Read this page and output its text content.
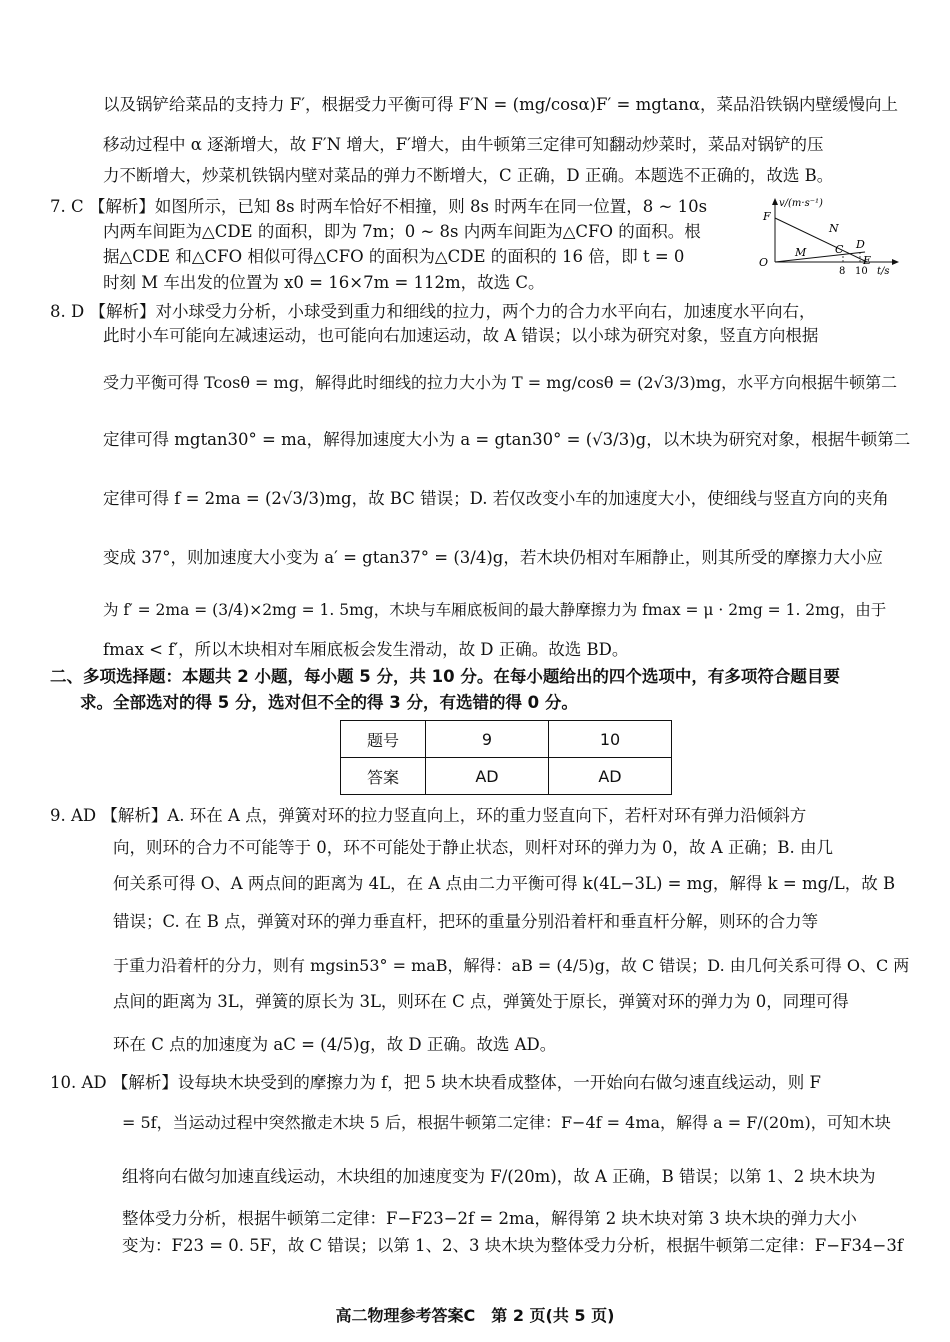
以及锅铲给菜品的支持力 F′，根据受力平衡可得 F′N = (mg/cosα)F′ = mgtanα，菜品沿铁锅内壁缓慢向上
移动过程中 α 逐渐增大，故 F′N 增大，F′增大，由牛顿第三定律可知翻动炒菜时，菜品对锅铲的压
力不断增大，炒菜机铁锅内壁对菜品的弹力不断增大，C 正确，D 正确。本题选不正确的，故选 B。
7. C 【解析】如图所示，已知 8s 时两车恰好不相撞，则 8s 时两车在同一位置，8 ~ 10s
内两车间距为△CDE 的面积，即为 7m；0 ~ 8s 内两车间距为△CFO 的面积。根
据△CDE 和△CFO 相似可得△CFO 的面积为△CDE 的面积的 16 倍，即 t = 0
时刻 M 车出发的位置为 x0 = 16×7m = 112m，故选 C。
v/(m·s⁻¹)
F
N
C D
M
E
O
8 10 t/s
8. D 【解析】对小球受力分析，小球受到重力和细线的拉力，两个力的合力水平向右，加速度水平向右，
此时小车可能向左减速运动，也可能向右加速运动，故 A 错误；以小球为研究对象，竖直方向根据
受力平衡可得 Tcosθ = mg，解得此时细线的拉力大小为 T = mg/cosθ = (2√3/3)mg，水平方向根据牛顿第二
定律可得 mgtan30° = ma，解得加速度大小为 a = gtan30° = (√3/3)g，以木块为研究对象，根据牛顿第二
定律可得 f = 2ma = (2√3/3)mg，故 BC 错误；D. 若仅改变小车的加速度大小，使细线与竖直方向的夹角
变成 37°，则加速度大小变为 a′ = gtan37° = (3/4)g，若木块仍相对车厢静止，则其所受的摩擦力大小应
为 f′ = 2ma = (3/4)×2mg = 1. 5mg，木块与车厢底板间的最大静摩擦力为 fmax = μ · 2mg = 1. 2mg，由于
fmax < f′，所以木块相对车厢底板会发生滑动，故 D 正确。故选 BD。
二、多项选择题：本题共 2 小题，每小题 5 分，共 10 分。在每小题给出的四个选项中，有多项符合题目要
求。全部选对的得 5 分，选对但不全的得 3 分，有选错的得 0 分。
题号	9	10
答案	AD	AD
9. AD 【解析】A. 环在 A 点，弹簧对环的拉力竖直向上，环的重力竖直向下，若杆对环有弹力沿倾斜方
向，则环的合力不可能等于 0，环不可能处于静止状态，则杆对环的弹力为 0，故 A 正确；B. 由几
何关系可得 O、A 两点间的距离为 4L，在 A 点由二力平衡可得 k(4L−3L) = mg，解得 k = mg/L，故 B
错误；C. 在 B 点，弹簧对环的弹力垂直杆，把环的重量分别沿着杆和垂直杆分解，则环的合力等
于重力沿着杆的分力，则有 mgsin53° = maB，解得：aB = (4/5)g，故 C 错误；D. 由几何关系可得 O、C 两
点间的距离为 3L，弹簧的原长为 3L，则环在 C 点，弹簧处于原长，弹簧对环的弹力为 0，同理可得
环在 C 点的加速度为 aC = (4/5)g，故 D 正确。故选 AD。
10. AD 【解析】设每块木块受到的摩擦力为 f，把 5 块木块看成整体，一开始向右做匀速直线运动，则 F
= 5f，当运动过程中突然撤走木块 5 后，根据牛顿第二定律：F−4f = 4ma，解得 a = F/(20m)，可知木块
组将向右做匀加速直线运动，木块组的加速度变为 F/(20m)，故 A 正确，B 错误；以第 1、2 块木块为
整体受力分析，根据牛顿第二定律：F−F23−2f = 2ma，解得第 2 块木块对第 3 块木块的弹力大小
变为：F23 = 0. 5F，故 C 错误；以第 1、2、3 块木块为整体受力分析，根据牛顿第二定律：F−F34−3f
高二物理参考答案C　第 2 页(共 5 页)
